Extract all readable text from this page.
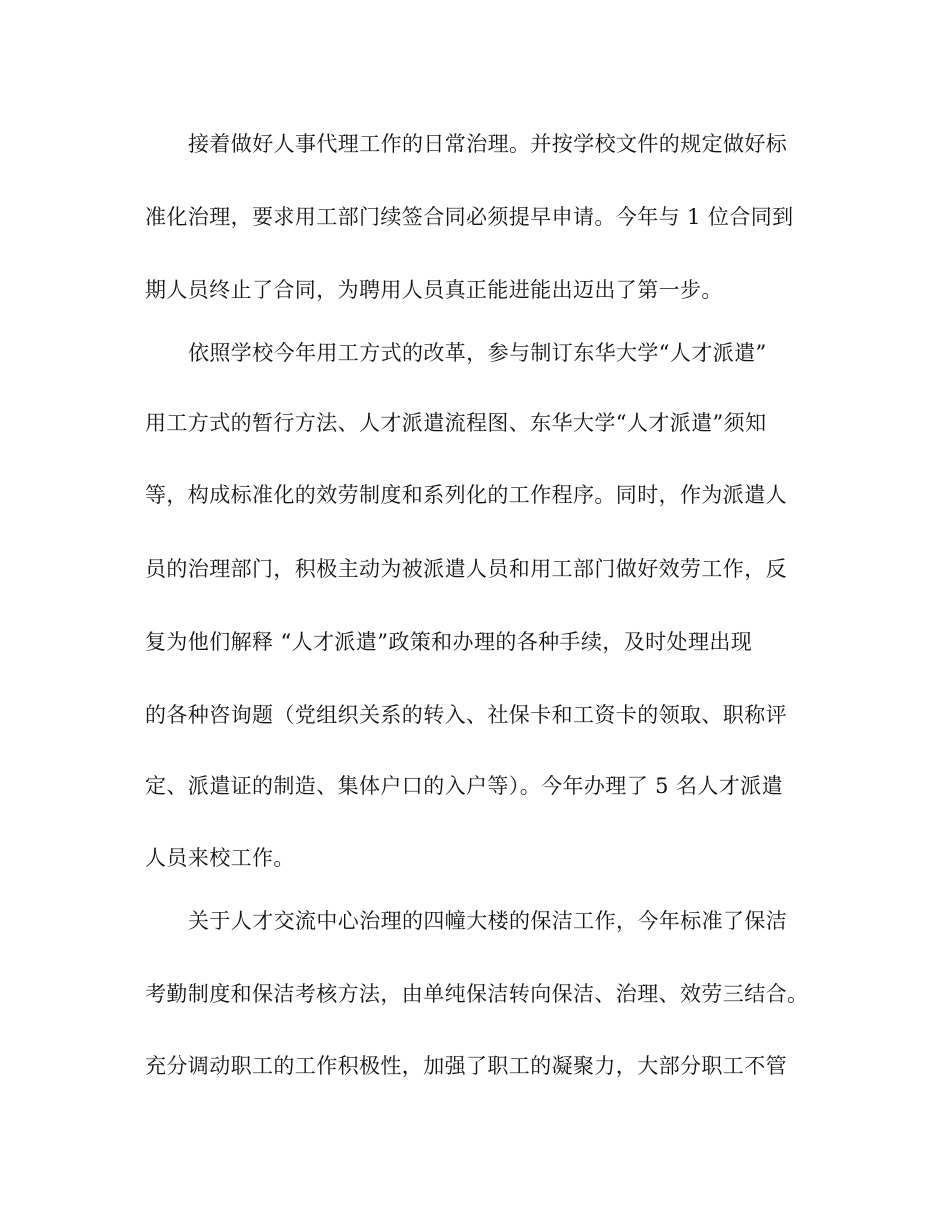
接着做好人事代理工作的日常治理。并按学校文件的规定做好标

准化治理，要求用工部门续签合同必须提早申请。今年与 1 位合同到

期人员终止了合同，为聘用人员真正能进能出迈出了第一步。

依照学校今年用工方式的改革，参与制订东华大学“人才派遣”

用工方式的暂行方法、人才派遣流程图、东华大学“人才派遣”须知

等，构成标准化的效劳制度和系列化的工作程序。同时，作为派遣人

员的治理部门，积极主动为被派遣人员和用工部门做好效劳工作，反

复为他们解释 “人才派遣”政策和办理的各种手续，及时处理出现

的各种咨询题（党组织关系的转入、社保卡和工资卡的领取、职称评

定、派遣证的制造、集体户口的入户等）。今年办理了 5 名人才派遣

人员来校工作。

关于人才交流中心治理的四幢大楼的保洁工作，今年标准了保洁

考勤制度和保洁考核方法，由单纯保洁转向保洁、治理、效劳三结合。

充分调动职工的工作积极性，加强了职工的凝聚力，大部分职工不管
